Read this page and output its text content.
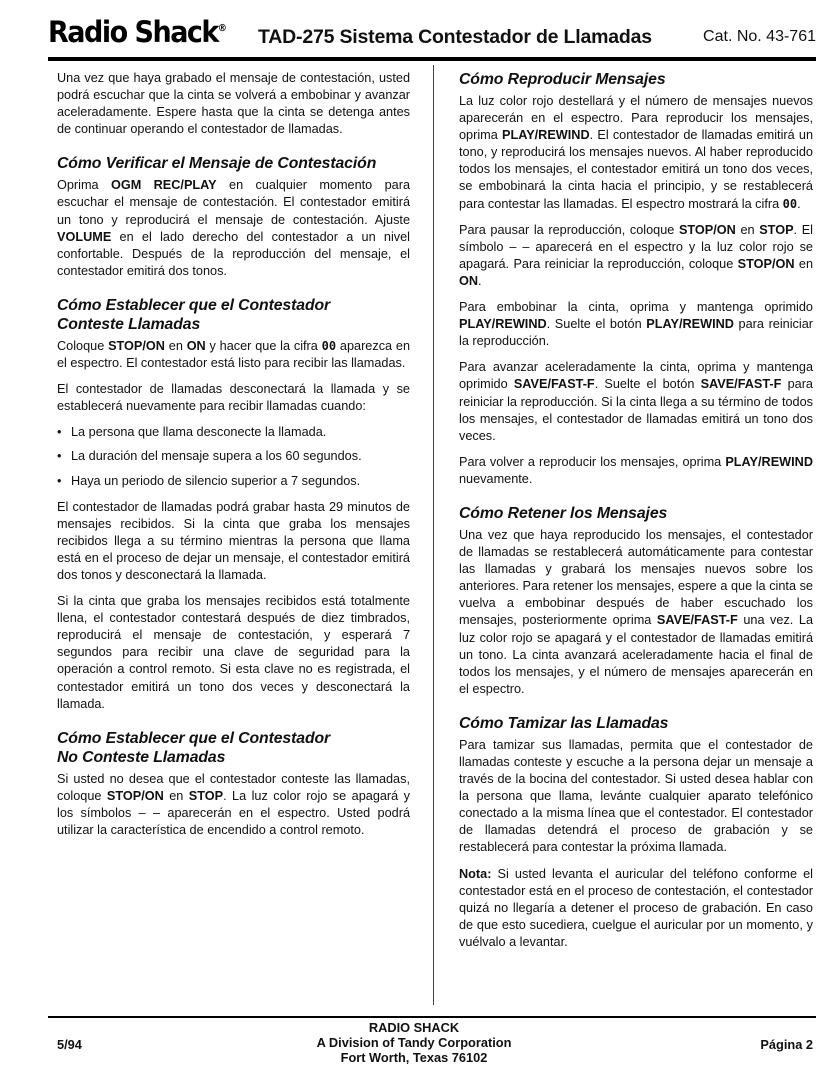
Radio Shack® TAD-275 Sistema Contestador de Llamadas	Cat. No. 43-761

Una vez que haya grabado el mensaje de contestación, usted podrá escuchar que la cinta se volverá a embobinar y avanzar aceleradamente. Espere hasta que la cinta se detenga antes de continuar operando el contestador de llamadas.

Cómo Verificar el Mensaje de Contestación

Oprima OGM REC/PLAY en cualquier momento para escuchar el mensaje de contestación. El contestador emitirá un tono y reproducirá el mensaje de contestación. Ajuste VOLUME en el lado derecho del contestador a un nivel confortable. Después de la reproducción del mensaje, el contestador emitirá dos tonos.

Cómo Establecer que el Contestador
Conteste Llamadas

Coloque STOP/ON en ON y hacer que la cifra 00 aparezca en el espectro. El contestador está listo para recibir las llamadas.

El contestador de llamadas desconectará la llamada y se establecerá nuevamente para recibir llamadas cuando:

• La persona que llama desconecte la llamada.
• La duración del mensaje supera a los 60 segundos.
• Haya un periodo de silencio superior a 7 segundos.

El contestador de llamadas podrá grabar hasta 29 minutos de mensajes recibidos. Si la cinta que graba los mensajes recibidos llega a su término mientras la persona que llama está en el proceso de dejar un mensaje, el contestador emitirá dos tonos y desconectará la llamada.

Si la cinta que graba los mensajes recibidos está totalmente llena, el contestador contestará después de diez timbrados, reproducirá el mensaje de contestación, y esperará 7 segundos para recibir una clave de seguridad para la operación a control remoto. Si esta clave no es registrada, el contestador emitirá un tono dos veces y desconectará la llamada.

Cómo Establecer que el Contestador
No Conteste Llamadas

Si usted no desea que el contestador conteste las llamadas, coloque STOP/ON en STOP. La luz color rojo se apagará y los símbolos – – aparecerán en el espectro. Usted podrá utilizar la característica de encendido a control remoto.

Cómo Reproducir Mensajes

La luz color rojo destellará y el número de mensajes nuevos aparecerán en el espectro. Para reproducir los mensajes, oprima PLAY/REWIND. El contestador de llamadas emitirá un tono, y reproducirá los mensajes nuevos. Al haber reproducido todos los mensajes, el contestador emitirá un tono dos veces, se embobinará la cinta hacia el principio, y se restablecerá para contestar las llamadas. El espectro mostrará la cifra 00.

Para pausar la reproducción, coloque STOP/ON en STOP. El símbolo – – aparecerá en el espectro y la luz color rojo se apagará. Para reiniciar la reproducción, coloque STOP/ON en ON.

Para embobinar la cinta, oprima y mantenga oprimido PLAY/REWIND. Suelte el botón PLAY/REWIND para reiniciar la reproducción.

Para avanzar aceleradamente la cinta, oprima y mantenga oprimido SAVE/FAST-F. Suelte el botón SAVE/FAST-F para reiniciar la reproducción. Si la cinta llega a su término de todos los mensajes, el contestador de llamadas emitirá un tono dos veces.

Para volver a reproducir los mensajes, oprima PLAY/REWIND nuevamente.

Cómo Retener los Mensajes

Una vez que haya reproducido los mensajes, el contestador de llamadas se restablecerá automáticamente para contestar las llamadas y grabará los mensajes nuevos sobre los anteriores. Para retener los mensajes, espere a que la cinta se vuelva a embobinar después de haber escuchado los mensajes, posteriormente oprima SAVE/FAST-F una vez. La luz color rojo se apagará y el contestador de llamadas emitirá un tono. La cinta avanzará aceleradamente hacia el final de todos los mensajes, y el número de mensajes aparecerán en el espectro.

Cómo Tamizar las Llamadas

Para tamizar sus llamadas, permita que el contestador de llamadas conteste y escuche a la persona dejar un mensaje a través de la bocina del contestador. Si usted desea hablar con la persona que llama, levánte cualquier aparato telefónico conectado a la misma línea que el contestador. El contestador de llamadas detendrá el proceso de grabación y se restablecerá para contestar la próxima llamada.

Nota: Si usted levanta el auricular del teléfono conforme el contestador está en el proceso de contestación, el contestador quizá no llegaría a detener el proceso de grabación. En caso de que esto sucediera, cuelgue el auricular por un momento, y vuélvalo a levantar.

5/94
RADIO SHACK
A Division of Tandy Corporation
Fort Worth, Texas 76102
Página 2
